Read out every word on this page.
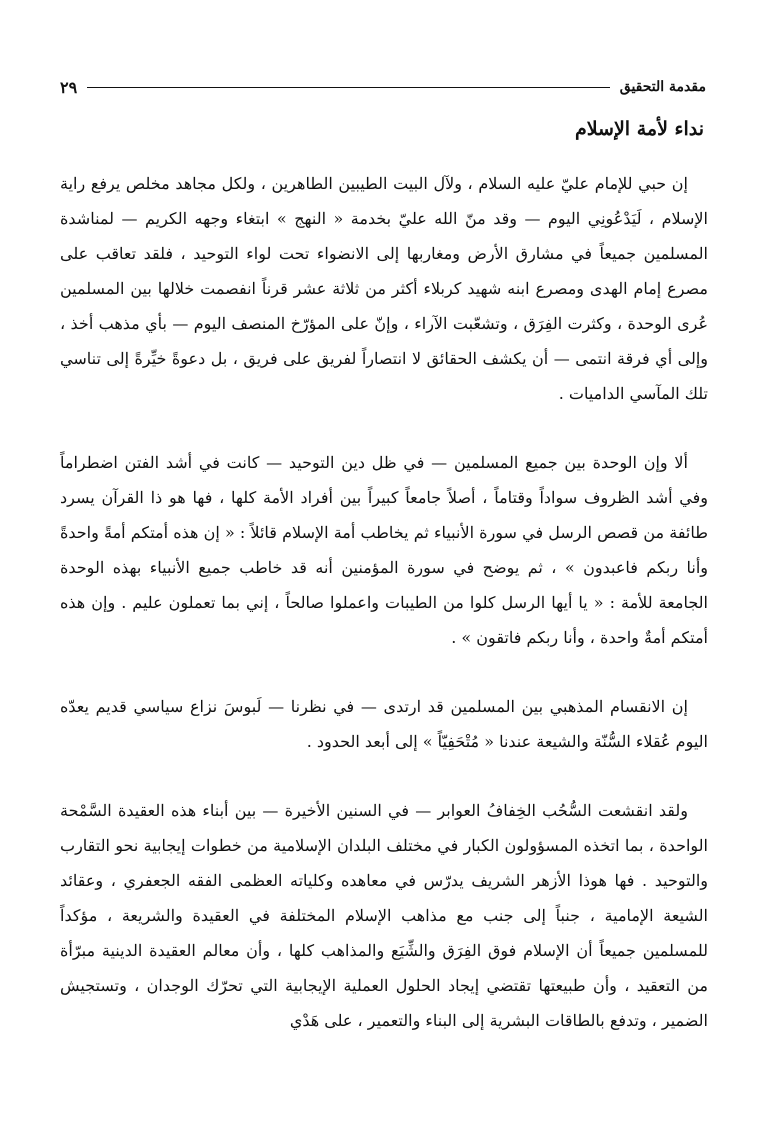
مقدمة التحقيق
٢٩
نداء لأمة الإسلام

إن حبي للإمام عليّ عليه السلام ، ولآل البيت الطيبين الطاهرين ، ولكل مجاهد مخلص يرفع راية الإسلام ، لَيَدْعُونِي اليوم — وقد منّ الله عليّ بخدمة « النهج » ابتغاء وجهه الكريم — لمناشدة المسلمين جميعاً في مشارق الأرض ومغاربها إلى الانضواء تحت لواء التوحيد ، فلقد تعاقب على مصرع إمام الهدى ومصرع ابنه شهيد كربلاء أكثر من ثلاثة عشر قرناً انفصمت خلالها بين المسلمين عُرى الوحدة ، وكثرت الفِرَق ، وتشعّبت الآراء ، وإنّ على المؤرّخ المنصف اليوم — بأي مذهب أخذ ، وإلى أي فرقة انتمى — أن يكشف الحقائق لا انتصاراً لفريق على فريق ، بل دعوةً خيِّرةً إلى تناسي تلك المآسي الداميات .

ألا وإن الوحدة بين جميع المسلمين — في ظل دين التوحيد — كانت في أشد الفتن اضطراماً وفي أشد الظروف سواداً وقتاماً ، أصلاً جامعاً كبيراً بين أفراد الأمة كلها ، فها هو ذا القرآن يسرد طائفة من قصص الرسل في سورة الأنبياء ثم يخاطب أمة الإسلام قائلاً : « إن هذه أمتكم أمةً واحدةً وأنا ربكم فاعبدون » ، ثم يوضح في سورة المؤمنين أنه قد خاطب جميع الأنبياء بهذه الوحدة الجامعة للأمة : « يا أيها الرسل كلوا من الطيبات واعملوا صالحاً ، إني بما تعملون عليم . وإن هذه أمتكم أمةٌ واحدة ، وأنا ربكم فاتقون » .

إن الانقسام المذهبي بين المسلمين قد ارتدى — في نظرنا — لَبوسَ نزاع سياسي قديم يعدّه اليوم عُقلاء السُّنّة والشيعة عندنا « مُتْحَفِيّاً » إلى أبعد الحدود .

ولقد انقشعت السُّحُب الخِفافُ العوابر — في السنين الأخيرة — بين أبناء هذه العقيدة السَّمْحة الواحدة ، بما اتخذه المسؤولون الكبار في مختلف البلدان الإسلامية من خطوات إيجابية نحو التقارب والتوحيد . فها هوذا الأزهر الشريف يدرّس في معاهده وكلياته العظمى الفقه الجعفري ، وعقائد الشيعة الإمامية ، جنباً إلى جنب مع مذاهب الإسلام المختلفة في العقيدة والشريعة ، مؤكداً للمسلمين جميعاً أن الإسلام فوق الفِرَق والشِّيَع والمذاهب كلها ، وأن معالم العقيدة الدينية مبرّأة من التعقيد ، وأن طبيعتها تقتضي إيجاد الحلول العملية الإيجابية التي تحرّك الوجدان ، وتستجيش الضمير ، وتدفع بالطاقات البشرية إلى البناء والتعمير ، على هَدْي
